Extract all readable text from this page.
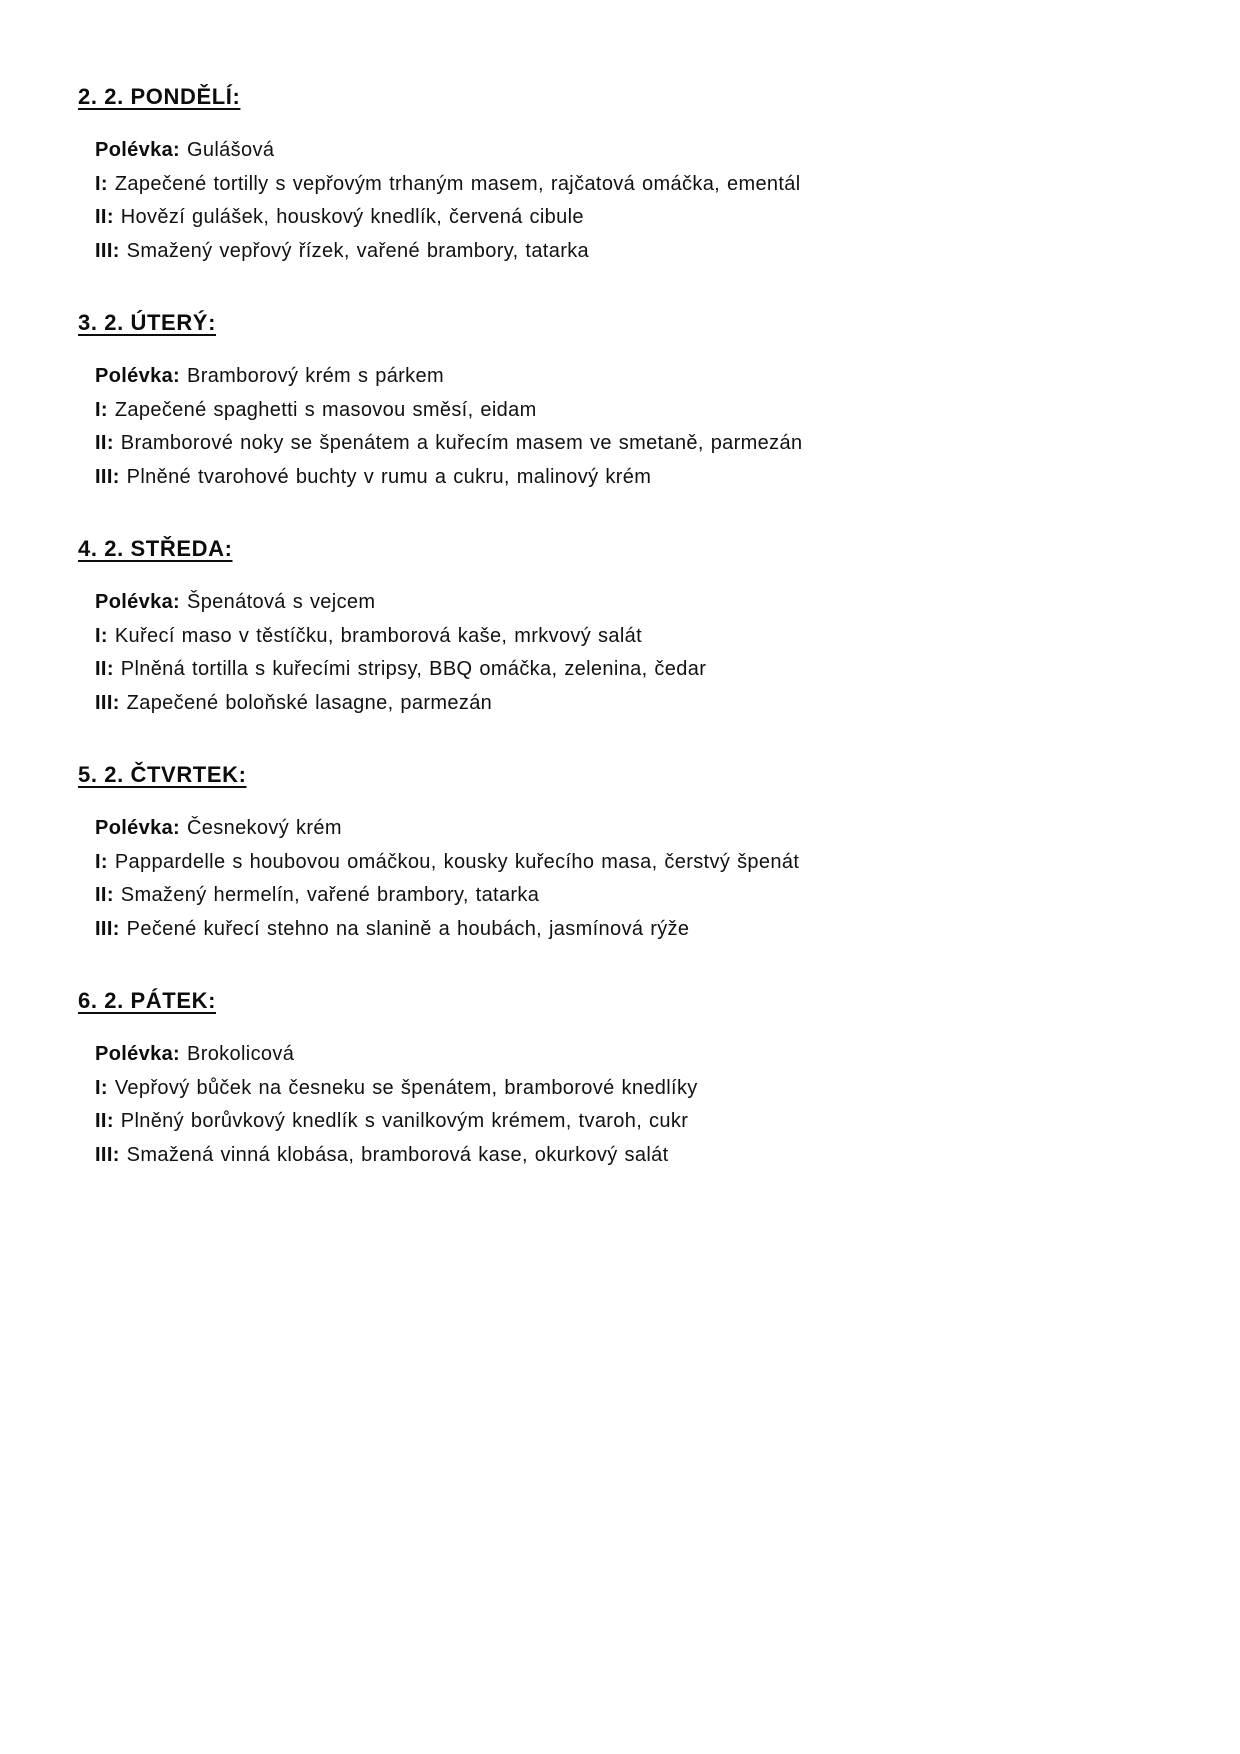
2. 2. PONDĚLÍ:

Polévka: Gulášová

I: Zapečené tortilly s vepřovým trhaným masem, rajčatová omáčka, ementál

II: Hovězí gulášek, houskový knedlík, červená cibule

III: Smažený vepřový řízek, vařené brambory, tatarka

3. 2. ÚTERÝ:

Polévka: Bramborový krém s párkem

I: Zapečené spaghetti s masovou směsí, eidam

II: Bramborové noky se špenátem a kuřecím masem ve smetaně, parmezán

III: Plněné tvarohové buchty v rumu a cukru, malinový krém

4. 2. STŘEDA:

Polévka: Špenátová s vejcem

I: Kuřecí maso v těstíčku, bramborová kaše, mrkvový salát

II: Plněná tortilla s kuřecími stripsy, BBQ omáčka, zelenina, čedar

III: Zapečené boloňské lasagne, parmezán

5. 2. ČTVRTEK:

Polévka: Česnekový krém

I: Pappardelle s houbovou omáčkou, kousky kuřecího masa, čerstvý špenát

II: Smažený hermelín, vařené brambory, tatarka

III: Pečené kuřecí stehno na slanině a houbách, jasmínová rýže

6. 2. PÁTEK:

Polévka: Brokolicová

I: Vepřový bůček na česneku se špenátem, bramborové knedlíky

II: Plněný borůvkový knedlík s vanilkovým krémem, tvaroh, cukr

III: Smažená vinná klobása, bramborová kase, okurkový salát
